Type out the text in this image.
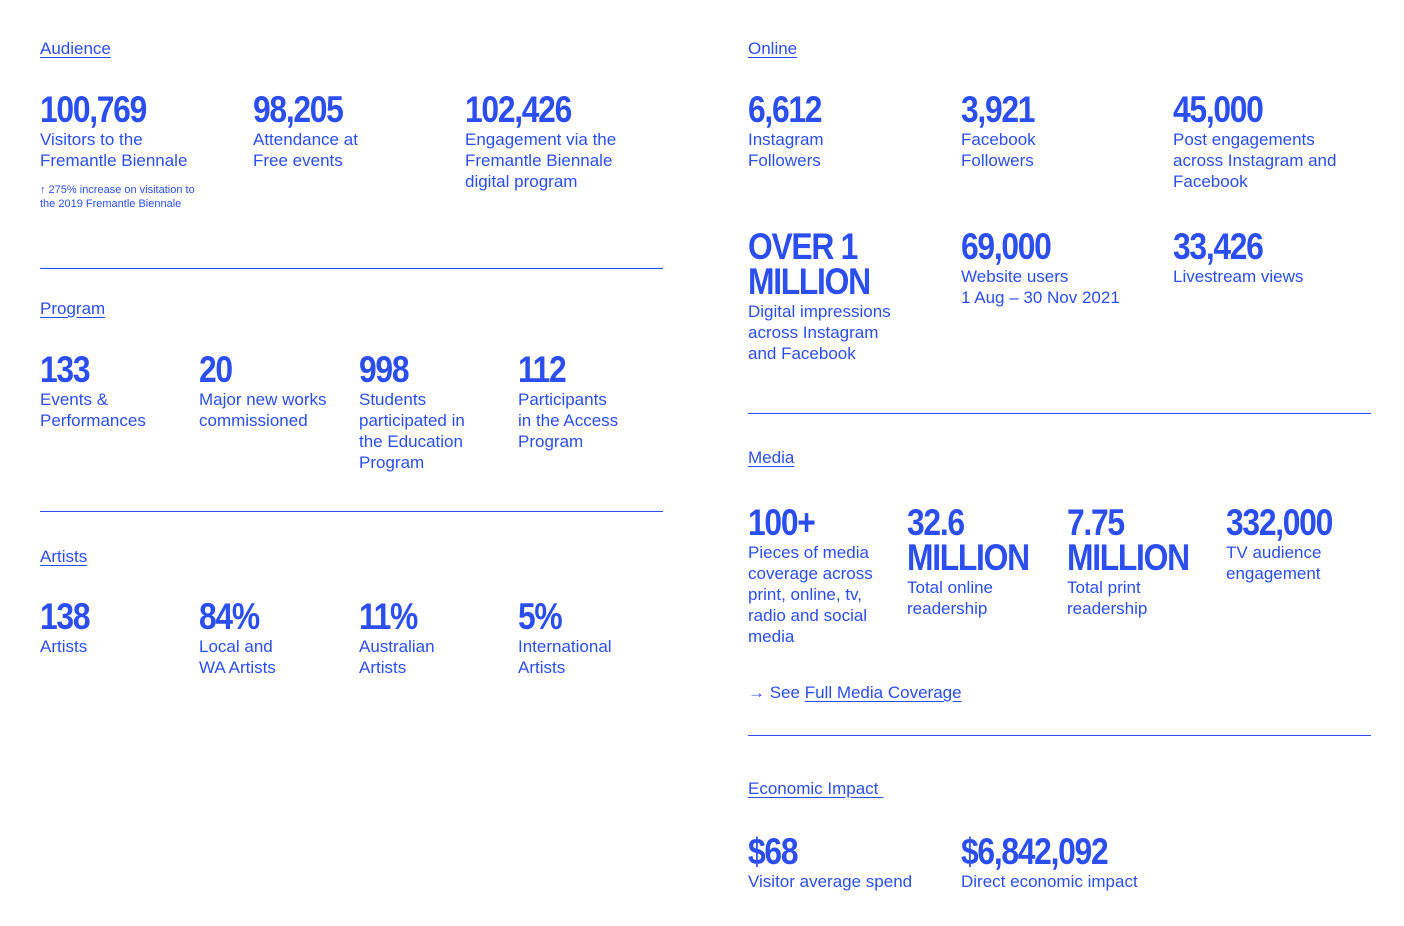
Audience
100,769
Visitors to the
Fremantle Biennale
↑ 275% increase on visitation to
the 2019 Fremantle Biennale
98,205
Attendance at
Free events
102,426
Engagement via the
Fremantle Biennale
digital program
Program
133
Events &
Performances
20
Major new works
commissioned
998
Students
participated in
the Education
Program
112
Participants
in the Access
Program
Artists
138
Artists
84%
Local and
WA Artists
11%
Australian
Artists
5%
International
Artists
Online
6,612
Instagram
Followers
3,921
Facebook
Followers
45,000
Post engagements
across Instagram and
Facebook
OVER 1
MILLION
Digital impressions
across Instagram
and Facebook
69,000
Website users
1 Aug – 30 Nov 2021
33,426
Livestream views
Media
100+
Pieces of media
coverage across
print, online, tv,
radio and social
media
32.6
MILLION
Total online
readership
7.75
MILLION
Total print
readership
332,000
TV audience
engagement
→ See Full Media Coverage
Economic Impact
$68
Visitor average spend
$6,842,092
Direct economic impact
